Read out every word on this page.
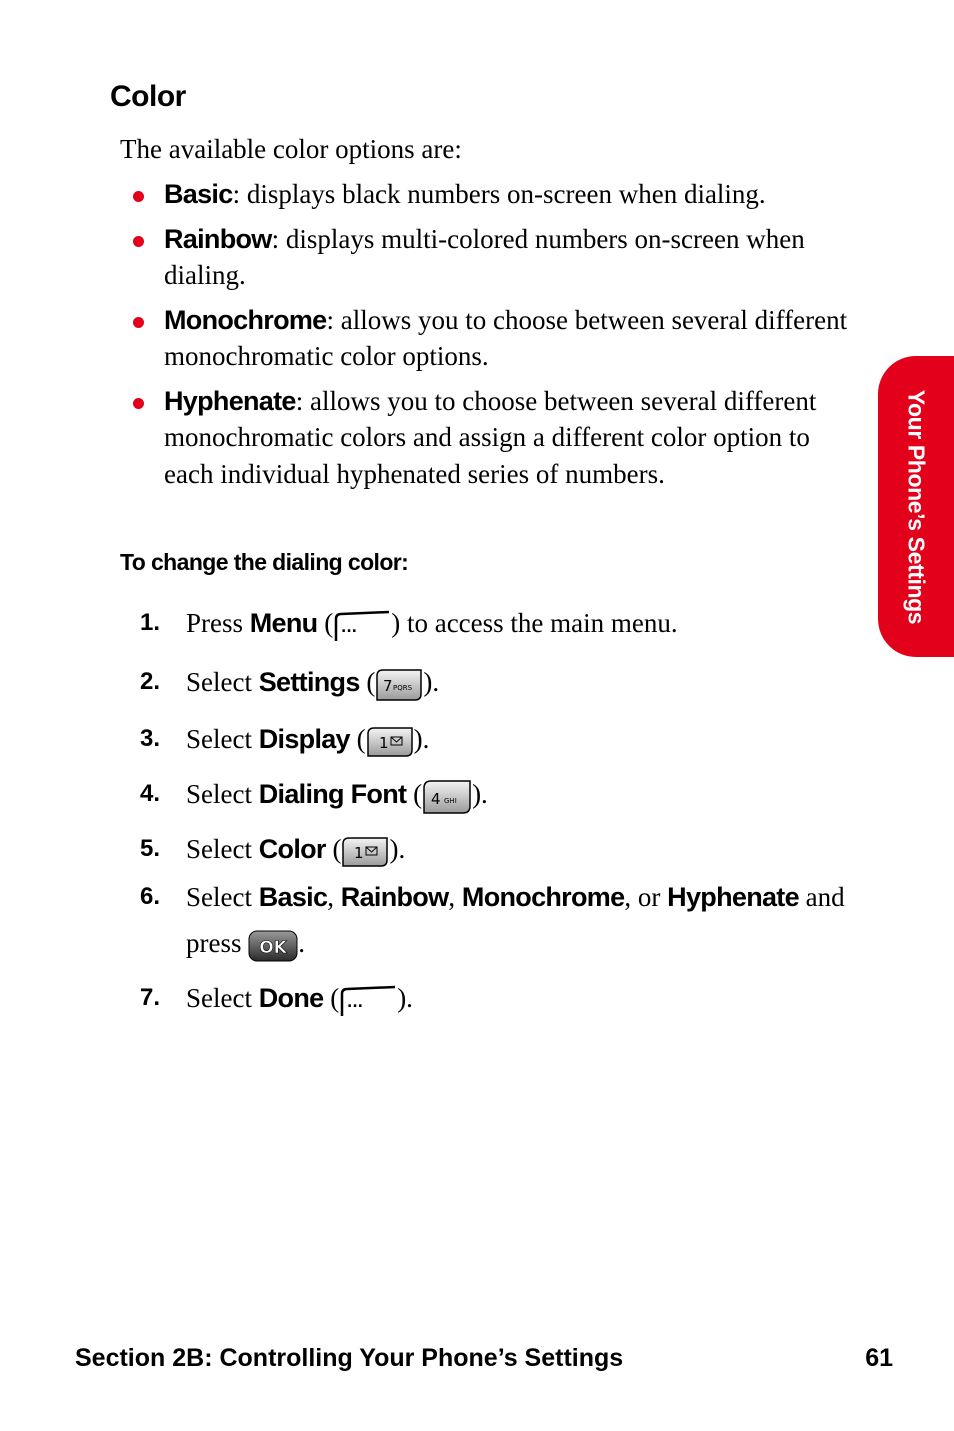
Color
The available color options are:
Basic: displays black numbers on-screen when dialing.
Rainbow: displays multi-colored numbers on-screen when dialing.
Monochrome: allows you to choose between several different monochromatic color options.
Hyphenate: allows you to choose between several different monochromatic colors and assign a different color option to each individual hyphenated series of numbers.
To change the dialing color:
1. Press Menu ( ... ) to access the main menu.
2. Select Settings ( 7 PQRS ).
3. Select Display ( 1 ).
4. Select Dialing Font ( 4 GHI ).
5. Select Color ( 1 ).
6. Select Basic, Rainbow, Monochrome, or Hyphenate and
press OK .
7. Select Done ( ... ).
Your Phone’s Settings
Section 2B: Controlling Your Phone’s Settings	61
